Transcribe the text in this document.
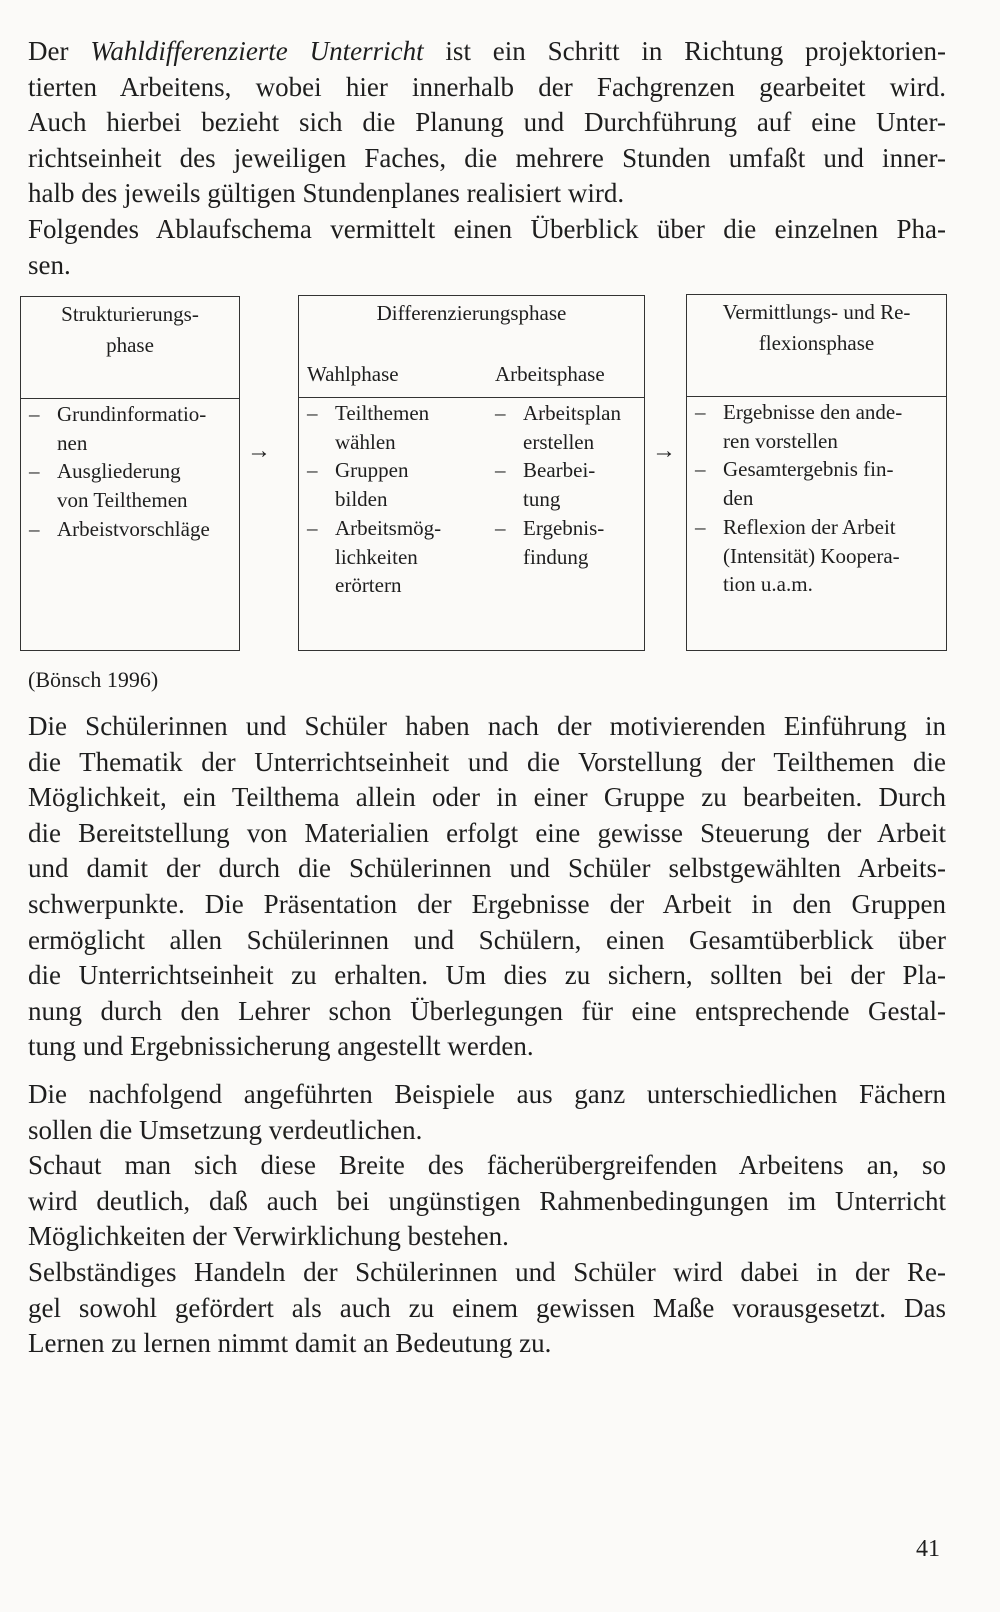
Der Wahldifferenzierte Unterricht ist ein Schritt in Richtung projektorien-
tierten Arbeitens, wobei hier innerhalb der Fachgrenzen gearbeitet wird.
Auch hierbei bezieht sich die Planung und Durchführung auf eine Unter-
richtseinheit des jeweiligen Faches, die mehrere Stunden umfaßt und inner-
halb des jeweils gültigen Stundenplanes realisiert wird.
Folgendes Ablaufschema vermittelt einen Überblick über die einzelnen Pha-
sen.
Strukturierungs-
phase
– Grundinformatio-
nen
– Ausgliederung
von Teilthemen
– Arbeistvorschläge
→
Differenzierungsphase
Wahlphase	Arbeitsphase
– Teilthemen
wählen
– Gruppen
bilden
– Arbeitsmög-
lichkeiten
erörtern
– Arbeitsplan
erstellen
– Bearbei-
tung
– Ergebnis-
findung
→
Vermittlungs- und Re-
flexionsphase
– Ergebnisse den ande-
ren vorstellen
– Gesamtergebnis fin-
den
– Reflexion der Arbeit
(Intensität) Koopera-
tion u.a.m.
(Bönsch 1996)
Die Schülerinnen und Schüler haben nach der motivierenden Einführung in
die Thematik der Unterrichtseinheit und die Vorstellung der Teilthemen die
Möglichkeit, ein Teilthema allein oder in einer Gruppe zu bearbeiten. Durch
die Bereitstellung von Materialien erfolgt eine gewisse Steuerung der Arbeit
und damit der durch die Schülerinnen und Schüler selbstgewählten Arbeits-
schwerpunkte. Die Präsentation der Ergebnisse der Arbeit in den Gruppen
ermöglicht allen Schülerinnen und Schülern, einen Gesamtüberblick über
die Unterrichtseinheit zu erhalten. Um dies zu sichern, sollten bei der Pla-
nung durch den Lehrer schon Überlegungen für eine entsprechende Gestal-
tung und Ergebnissicherung angestellt werden.
Die nachfolgend angeführten Beispiele aus ganz unterschiedlichen Fächern
sollen die Umsetzung verdeutlichen.
Schaut man sich diese Breite des fächerübergreifenden Arbeitens an, so
wird deutlich, daß auch bei ungünstigen Rahmenbedingungen im Unterricht
Möglichkeiten der Verwirklichung bestehen.
Selbständiges Handeln der Schülerinnen und Schüler wird dabei in der Re-
gel sowohl gefördert als auch zu einem gewissen Maße vorausgesetzt. Das
Lernen zu lernen nimmt damit an Bedeutung zu.
41
